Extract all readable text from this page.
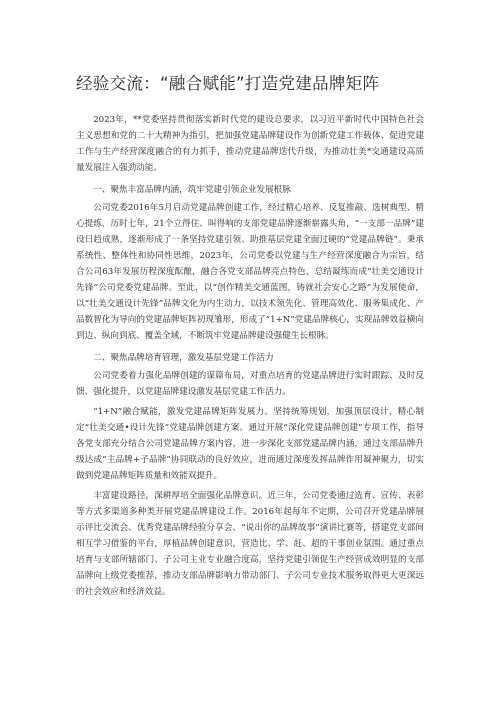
经验交流：“融合赋能”打造党建品牌矩阵

2023年，**党委坚持贯彻落实新时代党的建设总要求，以习近平新时代中国特色社会主义思想和党的二十大精神为指引，把加强党建品牌建设作为创新党建工作载体、促进党建工作与生产经营深度融合的有力抓手，推动党建品牌迭代升级，为推动壮美*交通建设高质量发展注入强劲动能。

一、聚焦丰富品牌内涵，筑牢党建引领企业发展根脉

公司党委2016年5月启动党建品牌创建工作，经过精心培养、反复推敲、选树典型、精心提炼，历时七年，21个立得住、叫得响的支部党建品牌逐渐崭露头角，“一支部一品牌”建设日趋成熟，逐渐形成了一条坚持党建引领、助推基层党建全面过硬的“党建品牌链”。秉承系统性、整体性和协同性思维，2023年，公司党委以党建与生产经营深度融合为宗旨，结合公司63年发展历程深度酝酿，融合各党支部品牌亮点特色，总结凝练而成“壮美交通设计先锋”公司党委党建品牌。至此，以“创作精美交通蓝图，铸就社会安心之路”为发展使命，以“壮美交通设计先锋”品牌文化为内生动力，以技术领先化、管理高效化、服务集成化、产品数智化为导向的党建品牌矩阵初现雏形，形成了“1+N”党建品牌核心，实现品牌效益横向到边、纵向到底、覆盖全域，不断筑牢党建品牌建设强健生长根脉。

二、聚焦品牌培育管理，激发基层党建工作活力

公司党委着力强化品牌创建的谋篇布局，对重点培育的党建品牌进行实时跟踪、及时反馈、强化提升，以党建品牌建设激发基层党建工作活力。

“1+N”融合赋能，激发党建品牌矩阵发展力。坚持统筹规划，加强顶层设计，精心制定“壮美交通•设计先锋”党建品牌创建方案。通过开展“深化党建品牌创建”专项工作，指导各党支部充分结合公司党建品牌方案内容，进一步深化支部党建品牌内涵，通过支部品牌升级达成“主品牌+子品牌”协同联动的良好效应，进而通过深度发挥品牌作用凝神聚力，切实做到党建品牌矩阵质量和效能双提升。

丰富建设路径，深耕厚培全面强化品牌意识。近三年，公司党委通过选育、宣传、表彰等方式多渠道多种类开展党建品牌建设工作。2016年起每年不定期，公司召开党建品牌展示评比交流会、优秀党建品牌经验分享会、“说出你的品牌故事”演讲比赛等，搭建党支部间相互学习借鉴的平台，厚植品牌创建意识，营造比、学、赶、超的干事创业氛围。通过重点培育与支部所辖部门、子公司主业专业融合度高，坚持党建引领促生产经营成效明显的支部品牌向上级党委推荐，推动支部品牌影响力带动部门、子公司专业技术服务取得更大更深远的社会效应和经济效益。
